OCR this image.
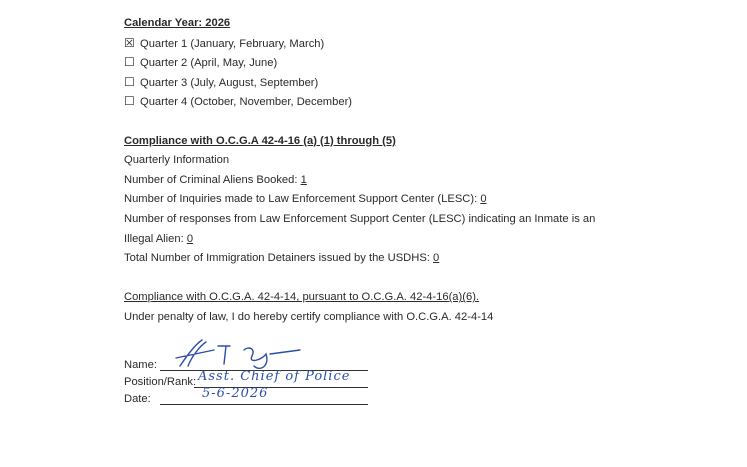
Calendar Year: 2026
☒ Quarter 1 (January, February, March)
☐ Quarter 2 (April, May, June)
☐ Quarter 3 (July, August, September)
☐ Quarter 4 (October, November, December)
Compliance with O.C.G.A 42-4-16 (a) (1) through (5)
Quarterly Information
Number of Criminal Aliens Booked: 1
Number of Inquiries made to Law Enforcement Support Center (LESC): 0
Number of responses from Law Enforcement Support Center (LESC) indicating an Inmate is an
Illegal Alien: 0
Total Number of Immigration Detainers issued by the USDHS: 0
Compliance with O.C.G.A. 42-4-14, pursuant to O.C.G.A. 42-4-16(a)(6).
Under penalty of law, I do hereby certify compliance with O.C.G.A. 42-4-14
Name:
Position/Rank: Asst. Chief of Police
Date:	5-6-2026
